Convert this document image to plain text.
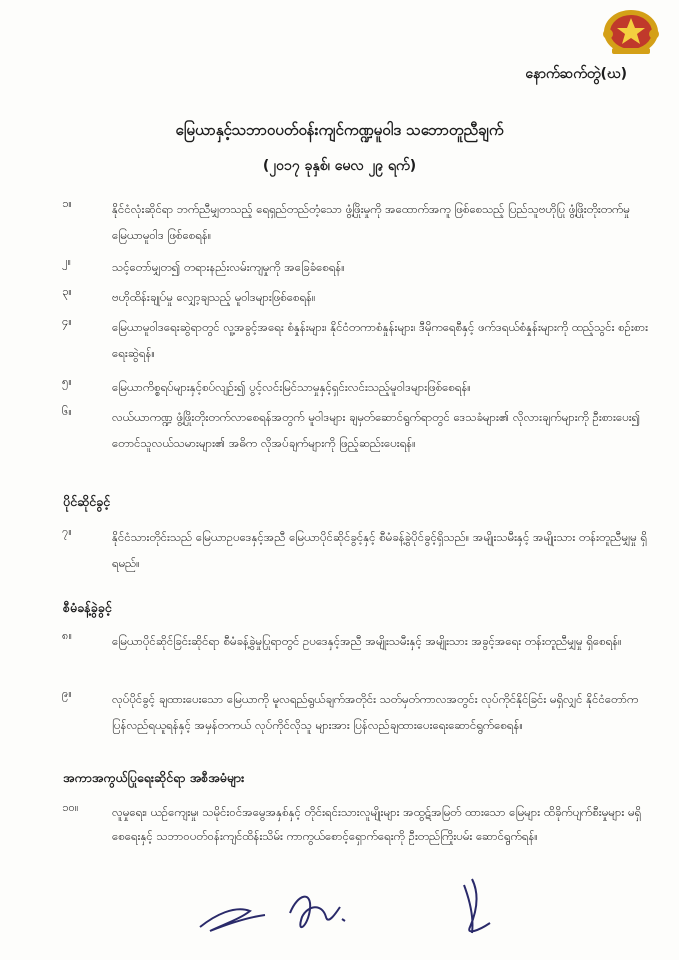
နောက်ဆက်တွဲ(ဃ)
မြေယာနှင့်သဘာဝပတ်ဝန်းကျင်ကဏ္ဍမူဝါဒ သဘောတူညီချက်
(၂၀၁၇ ခုနှစ်၊ မေလ ၂၉ ရက်)
၁။	နိုင်ငံလုံးဆိုင်ရာ ဘက်ညီမျှတသည့် ရေရှည်တည်တံ့သော ဖွံ့ဖြိုးမှုကို အထောက်အကူ ဖြစ်စေသည့် ပြည်သူဗဟိုပြု ဖွံ့ဖြိုးတိုးတက်မှု မြေယာမူဝါဒ ဖြစ်စေရန်။
၂။	သင့်တော်မျှတ၍ တရားနည်းလမ်းကျမှုကို အခြေခံစေရန်။
၃။	ဗဟိုထိန်းချုပ်မှု လျှော့ချသည့် မူဝါဒများဖြစ်စေရန်။
၄။	မြေယာမူဝါဒရေးဆွဲရာတွင် လူ့အခွင့်အရေး စံနှုန်းများ၊ နိုင်ငံတကာစံနှုန်းများ၊ ဒီမိုကရေစီနှင့် ဖက်ဒရယ်စံနှုန်းများကို ထည့်သွင်း စဉ်းစားရေးဆွဲရန်။
၅။	မြေယာကိစ္စရပ်များနှင့်စပ်လျဉ်း၍ ပွင့်လင်းမြင်သာမှုနှင့်ရှင်းလင်းသည့်မူဝါဒများဖြစ်စေရန်။
၆။	လယ်ယာကဏ္ဍ ဖွံ့ဖြိုးတိုးတက်လာစေရန်အတွက် မူဝါဒများ ချမှတ်ဆောင်ရွက်ရာတွင် ဒေသခံများ၏ လိုလားချက်များကို ဦးစားပေး၍ တောင်သူလယ်သမားများ၏ အဓိက လိုအပ်ချက်များကို ဖြည့်ဆည်းပေးရန်။
ပိုင်ဆိုင်ခွင့်
၇။	နိုင်ငံသားတိုင်းသည် မြေယာဥပဒေနှင့်အညီ မြေယာပိုင်ဆိုင်ခွင့်နှင့် စီမံခန့်ခွဲပိုင်ခွင့်ရှိသည်။ အမျိုးသမီးနှင့် အမျိုးသား တန်းတူညီမျှမှု ရှိရမည်။
စီမံခန့်ခွဲခွင့်
၈။	မြေယာပိုင်ဆိုင်ခြင်းဆိုင်ရာ စီမံခန့်ခွဲမှုပြုရာတွင် ဥပဒေနှင့်အညီ အမျိုးသမီးနှင့် အမျိုးသား အခွင့်အရေး တန်းတူညီမျှမှု ရှိစေရန်။
၉။	လုပ်ပိုင်ခွင့် ချထားပေးသော မြေယာကို မူလရည်ရွယ်ချက်အတိုင်း သတ်မှတ်ကာလအတွင်း လုပ်ကိုင်နိုင်ခြင်း မရှိလျှင် နိုင်ငံတော်က ပြန်လည်ရယူရန်နှင့် အမှန်တကယ် လုပ်ကိုင်လိုသူ များအား ပြန်လည်ချထားပေးရေးဆောင်ရွက်စေရန်။
အကာအကွယ်ပြုရေးဆိုင်ရာ အစီအမံများ
၁၀။	လူမှုရေး၊ ယဉ်ကျေးမှု၊ သမိုင်းဝင်အမွေအနှစ်နှင့် တိုင်းရင်းသားလူမျိုးများ အထွဋ်အမြတ် ထားသော မြေများ ထိခိုက်ပျက်စီးမှုများ မရှိစေရေးနှင့် သဘာဝပတ်ဝန်းကျင်ထိန်းသိမ်း ကာကွယ်စောင့်ရှောက်ရေးကို ဦးတည်ကြိုးပမ်း ဆောင်ရွက်ရန်။
